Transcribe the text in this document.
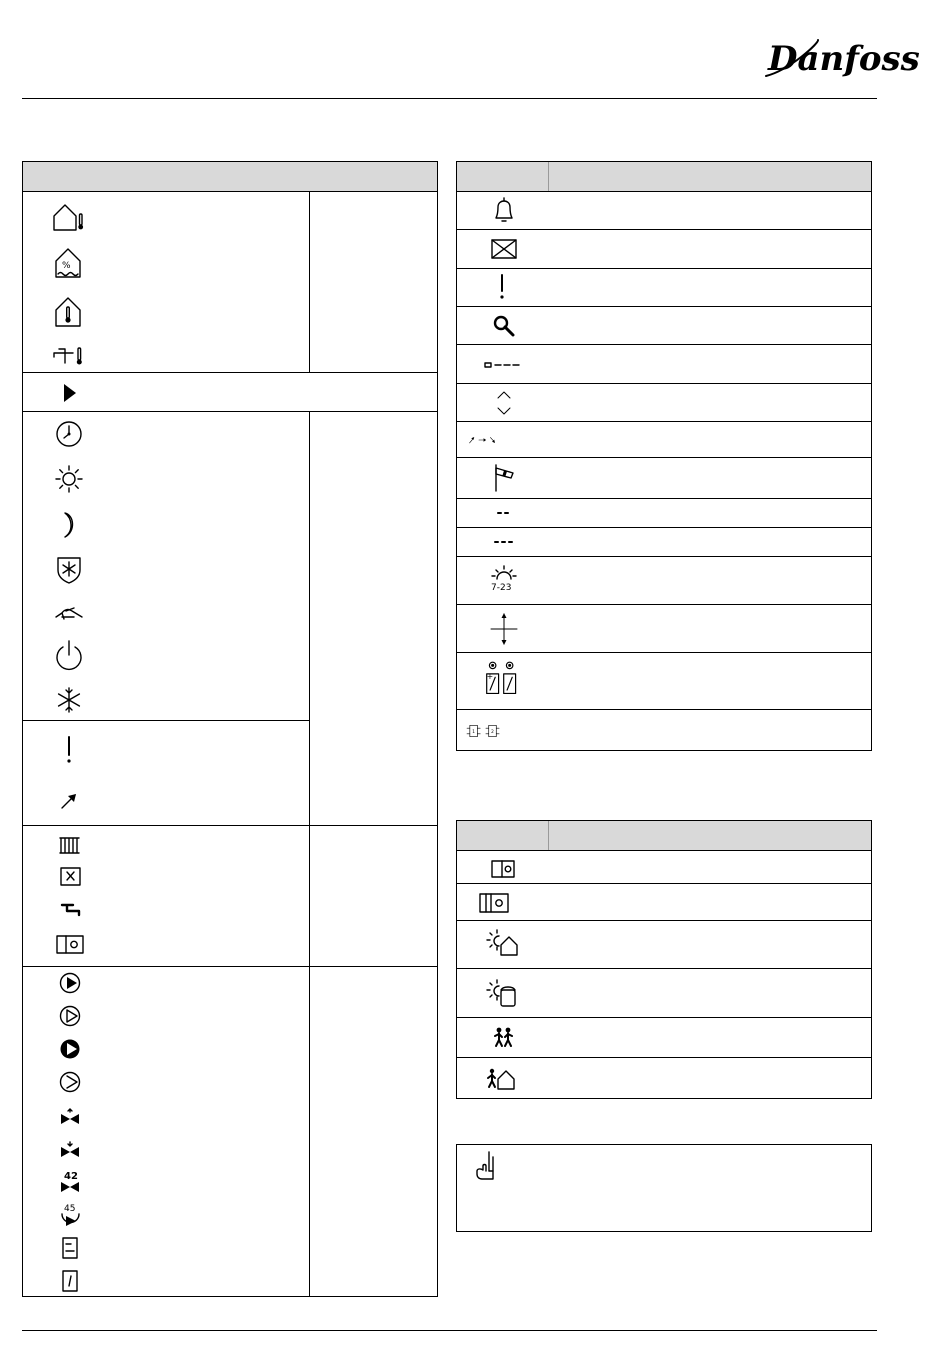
Danfoss
%
42
45
7-23
+
1 2
